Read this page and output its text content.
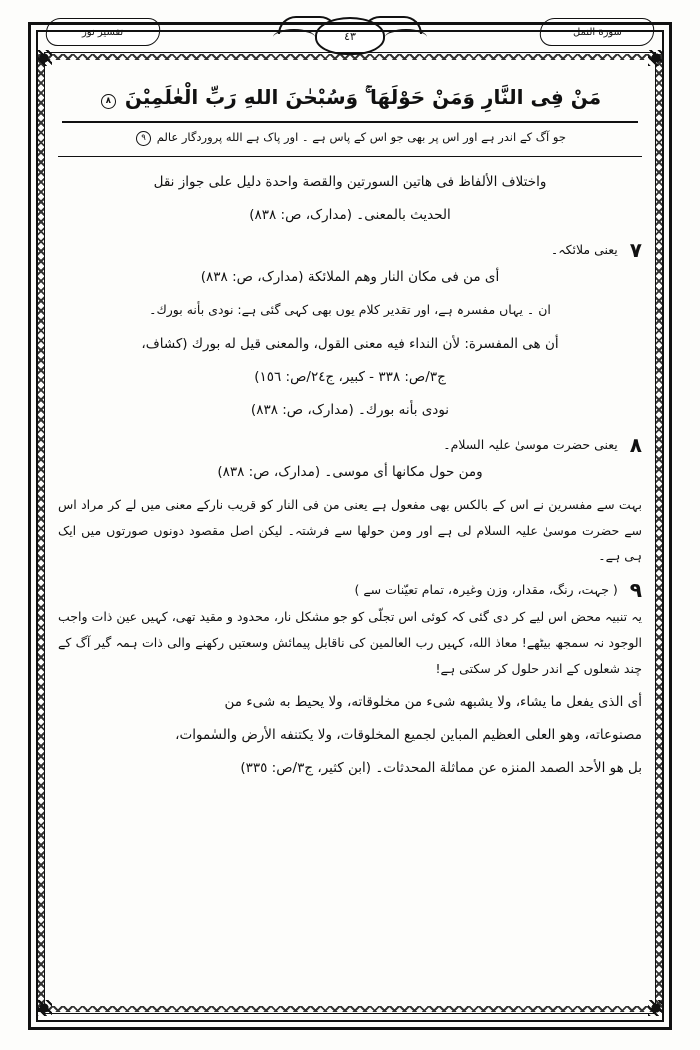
تفسير نور	٤٣	سورة النمل
مَنْ فِی النَّارِ وَمَنْ حَوْلَهَا ۚ وَسُبْحٰنَ اللهِ رَبِّ الْعٰلَمِیْنَ ٨
جو آگ کے اندر ہے اور اس پر بھی جو اس کے پاس ہے ۔ اور پاک ہے الله پروردگار عالم ٩

واختلاف الألفاظ فی هاتین السورتین والقصة واحدة دلیل علی جواز نقل

الحدیث بالمعنی۔ (مدارک، ص: ٨٣٨)

٧
یعنی ملائکہ۔

أی من فی مکان النار وهم الملائکة (مدارک، ص: ٨٣٨)

ان ۔ یہاں مفسرہ ہے، اور تقدیر کلام یوں بھی کہی گئی ہے: نودی بأنه بورك۔

أن هی المفسرة: لأن النداء فیه معنی القول، والمعنی قیل له بورك (کشاف،

ج٣/ص: ٣٣٨ - کبیر، ج٢٤/ص: ١٥٦)

نودی بأنه بورك۔ (مدارک، ص: ٨٣٨)

٨
یعنی حضرت موسیٰ علیہ السلام۔

ومن حول مکانها أی موسی۔ (مدارک، ص: ٨٣٨)

بہت سے مفسرین نے اس کے بالکس بھی مفعول ہے یعنی من فی النار کو قریب نارکے معنی میں لے کر مراد اس سے حضرت موسیٰ علیہ السلام لی ہے اور ومن حولها سے فرشتہ۔ لیکن اصل مقصود دونوں صورتوں میں ایک ہی ہے۔

٩
( جہت، رنگ، مقدار، وزن وغیرہ، تمام تعیّنات سے )

یہ تنبیہ محض اس لیے کر دی گئی کہ کوئی اس تجلّی کو جو مشکل نار، محدود و مقید تھی، کہیں عین ذات واجب الوجود نہ سمجھ بیٹھے! معاذ الله، کہیں رب العالمین کی ناقابل پیمائش وسعتیں رکھنے والی ذات ہمہ گیر آگ کے چند شعلوں کے اندر حلول کر سکتی ہے!

أی الذی یفعل ما یشاء، ولا یشبهه شیء من مخلوقاته، ولا یحیط به شیء من

مصنوعاته، وهو العلی العظیم المباین لجمیع المخلوقات، ولا یکتنفه الأرض والسٰموات،

بل هو الأحد الصمد المنزه عن مماثلة المحدثات۔ (ابن کثیر، ج٣/ص: ٣٣٥)
